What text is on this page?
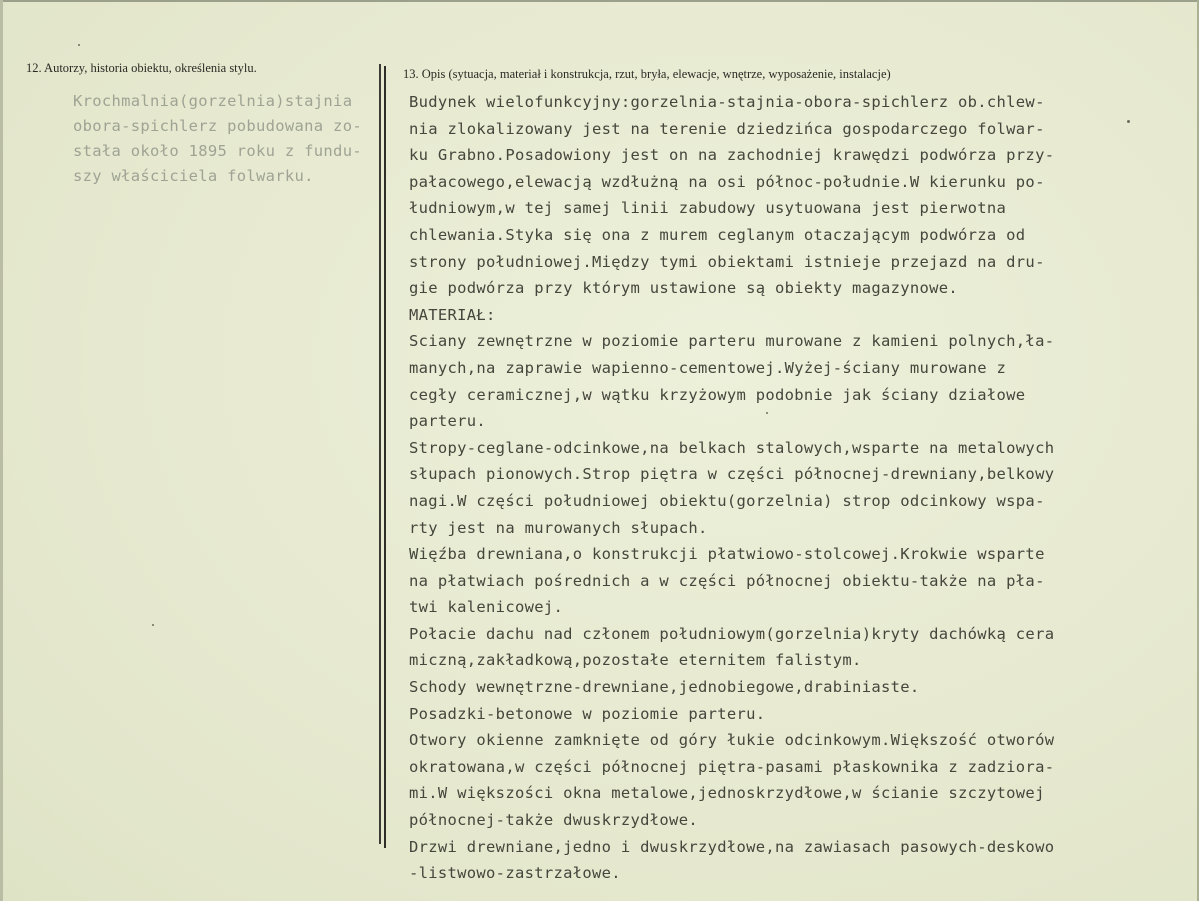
12. Autorzy, historia obiektu, określenia stylu.	13. Opis (sytuacja, materiał i konstrukcja, rzut, bryła, elewacje, wnętrze, wyposażenie, instalacje)
Krochmalnia(gorzelnia)stajnia
obora-spichlerz pobudowana zo-
stała około 1895 roku z fundu-
szy właściciela folwarku.
Budynek wielofunkcyjny:gorzelnia-stajnia-obora-spichlerz ob.chlew-
nia zlokalizowany jest na terenie dziedzińca gospodarczego folwar-
ku Grabno.Posadowiony jest on na zachodniej krawędzi podwórza przy-
pałacowego,elewacją wzdłużną na osi północ-południe.W kierunku po-
łudniowym,w tej samej linii zabudowy usytuowana jest pierwotna
chlewania.Styka się ona z murem ceglanym otaczającym podwórza od
strony południowej.Między tymi obiektami istnieje przejazd na dru-
gie podwórza przy którym ustawione są obiekty magazynowe.
MATERIAŁ:
Sciany zewnętrzne w poziomie parteru murowane z kamieni polnych,ła-
manych,na zaprawie wapienno-cementowej.Wyżej-ściany murowane z
cegły ceramicznej,w wątku krzyżowym podobnie jak ściany działowe
parteru.
Stropy-ceglane-odcinkowe,na belkach stalowych,wsparte na metalowych
słupach pionowych.Strop piętra w części północnej-drewniany,belkowy
nagi.W części południowej obiektu(gorzelnia) strop odcinkowy wspa-
rty jest na murowanych słupach.
Więźba drewniana,o konstrukcji płatwiowo-stolcowej.Krokwie wsparte
na płatwiach pośrednich a w części północnej obiektu-także na pła-
twi kalenicowej.
Połacie dachu nad członem południowym(gorzelnia)kryty dachówką cera
miczną,zakładkową,pozostałe eternitem falistym.
Schody wewnętrzne-drewniane,jednobiegowe,drabiniaste.
Posadzki-betonowe w poziomie parteru.
Otwory okienne zamknięte od góry łukie odcinkowym.Większość otworów
okratowana,w części północnej piętra-pasami płaskownika z zadziora-
mi.W większości okna metalowe,jednoskrzydłowe,w ścianie szczytowej
północnej-także dwuskrzydłowe.
Drzwi drewniane,jedno i dwuskrzydłowe,na zawiasach pasowych-deskowo
-listwowo-zastrzałowe.
